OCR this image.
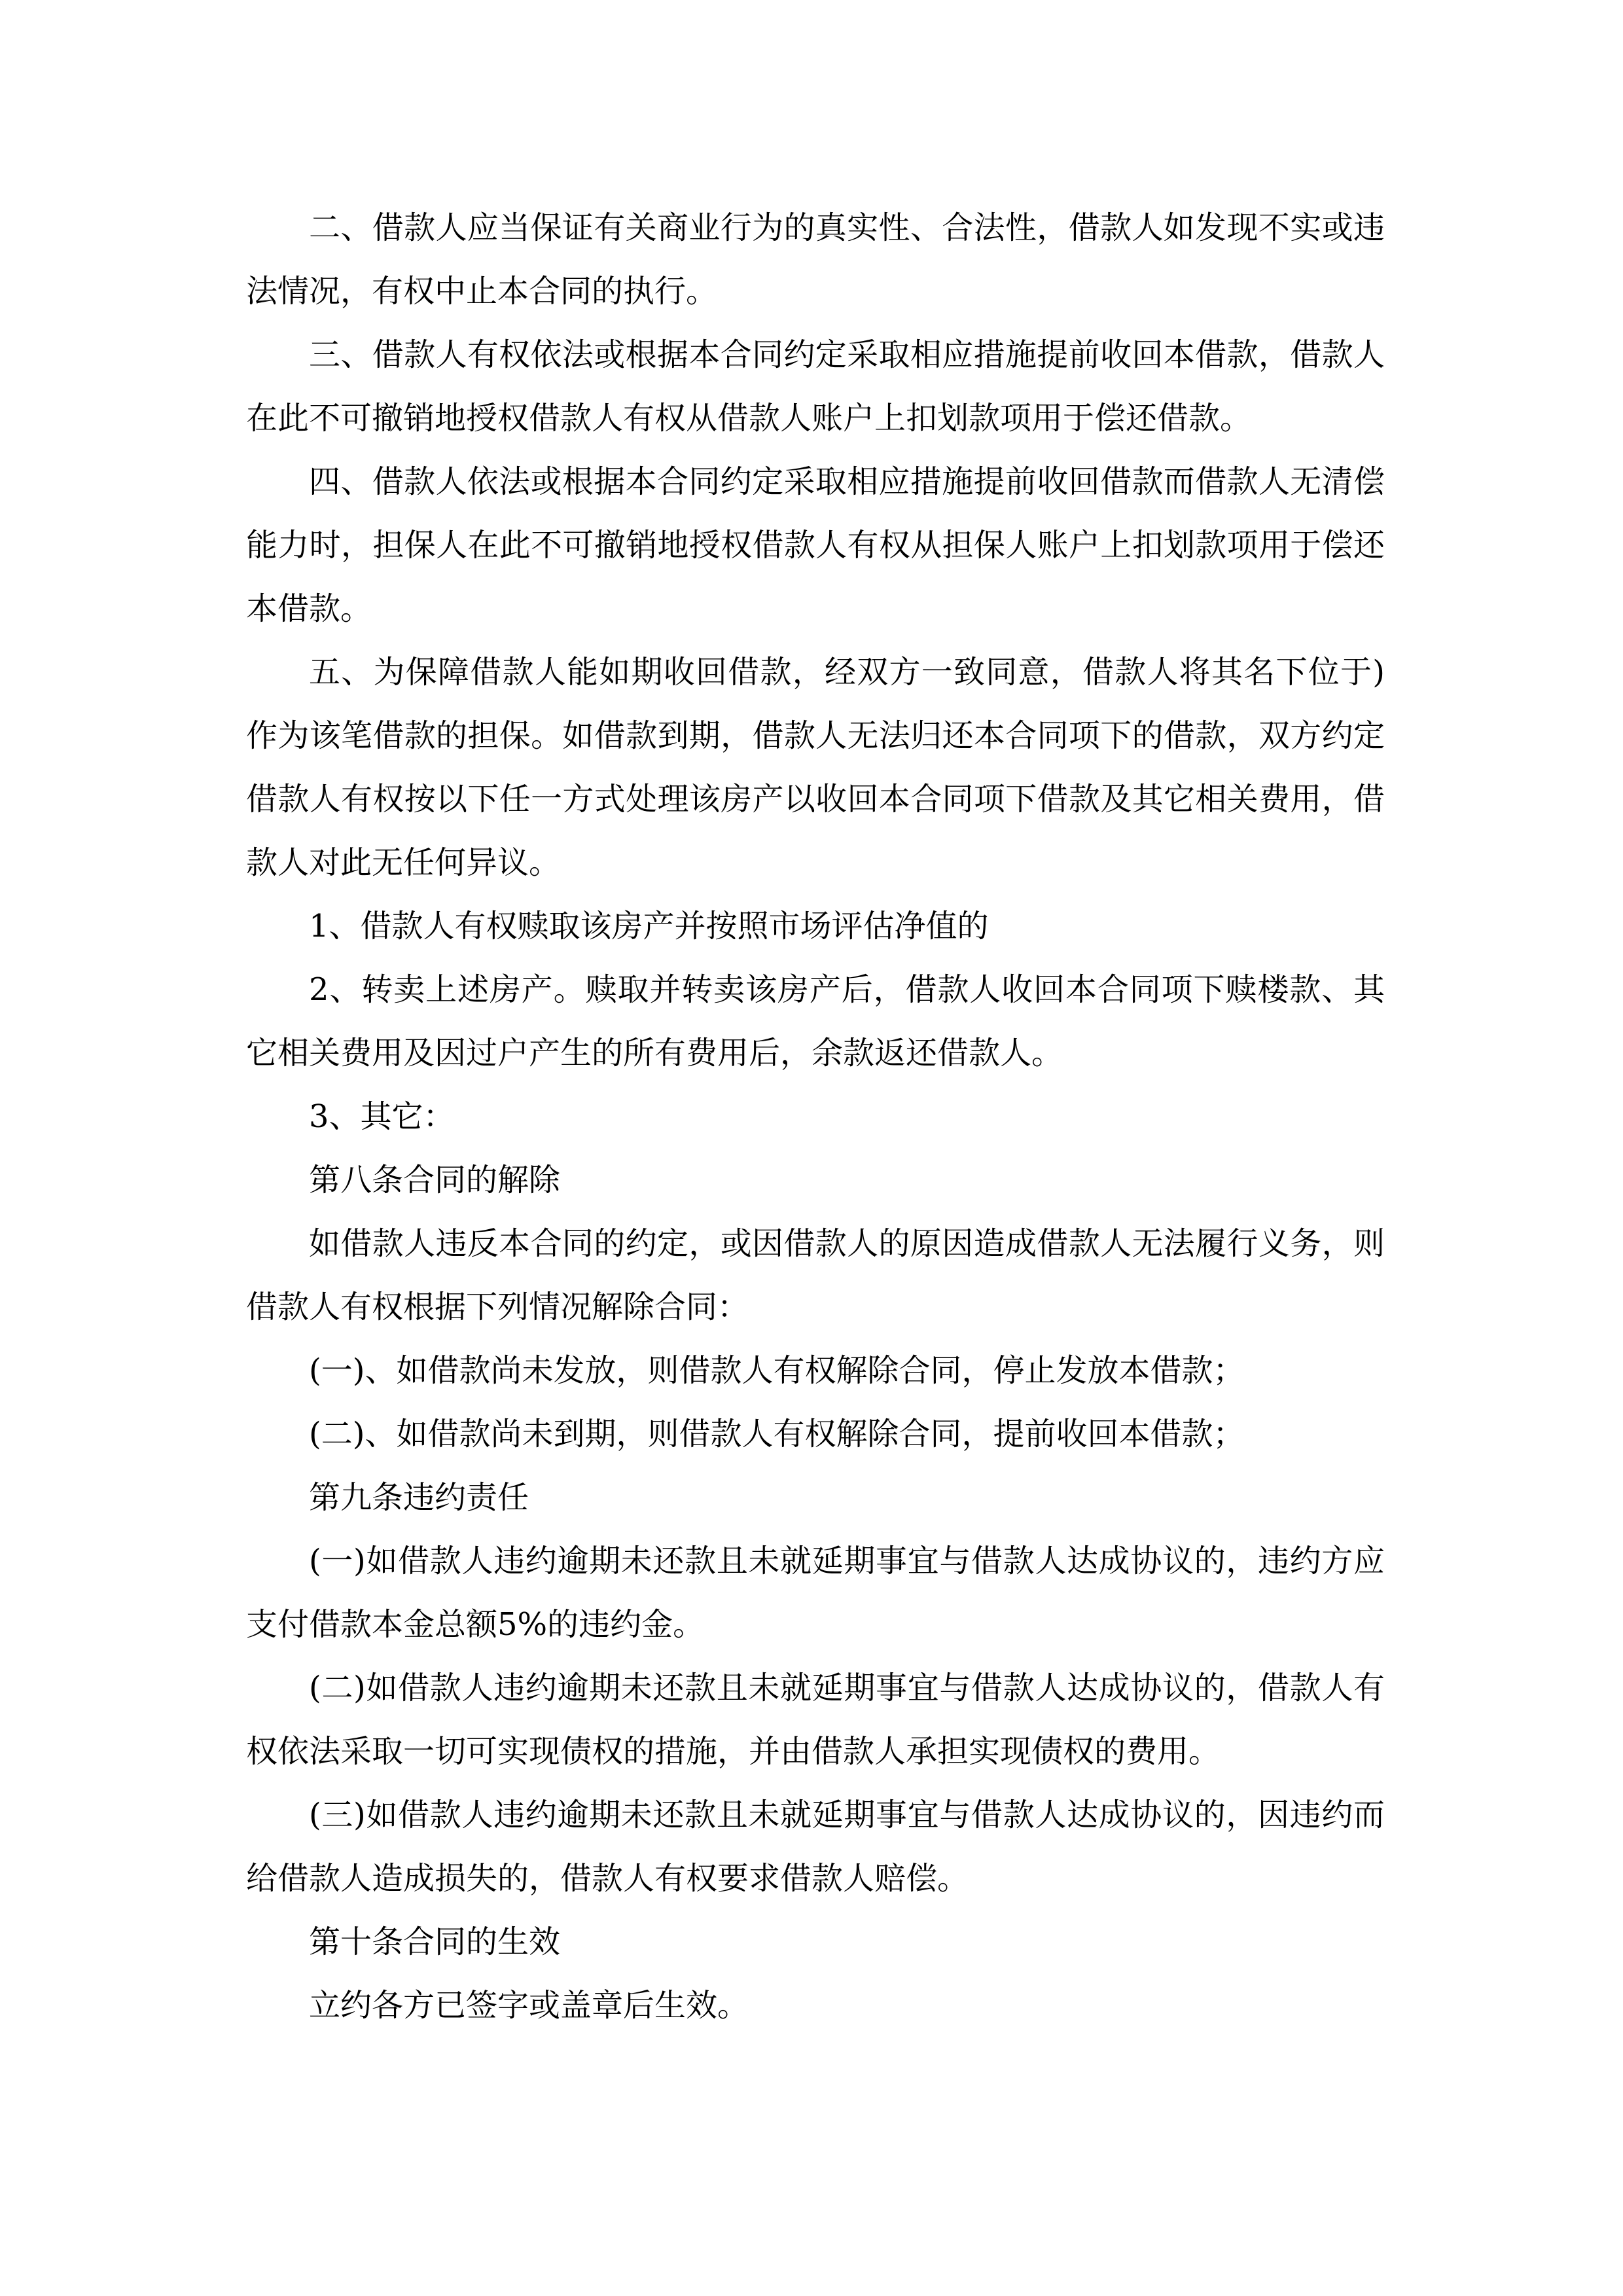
二、借款人应当保证有关商业行为的真实性、合法性，借款人如发现不实或违法情况，有权中止本合同的执行。

三、借款人有权依法或根据本合同约定采取相应措施提前收回本借款，借款人在此不可撤销地授权借款人有权从借款人账户上扣划款项用于偿还借款。

四、借款人依法或根据本合同约定采取相应措施提前收回借款而借款人无清偿能力时，担保人在此不可撤销地授权借款人有权从担保人账户上扣划款项用于偿还本借款。

五、为保障借款人能如期收回借款，经双方一致同意，借款人将其名下位于)作为该笔借款的担保。如借款到期，借款人无法归还本合同项下的借款，双方约定借款人有权按以下任一方式处理该房产以收回本合同项下借款及其它相关费用，借款人对此无任何异议。

1、借款人有权赎取该房产并按照市场评估净值的

2、转卖上述房产。赎取并转卖该房产后，借款人收回本合同项下赎楼款、其它相关费用及因过户产生的所有费用后，余款返还借款人。

3、其它：

第八条合同的解除

如借款人违反本合同的约定，或因借款人的原因造成借款人无法履行义务，则借款人有权根据下列情况解除合同：

(一)、如借款尚未发放，则借款人有权解除合同，停止发放本借款；

(二)、如借款尚未到期，则借款人有权解除合同，提前收回本借款；

第九条违约责任

(一)如借款人违约逾期未还款且未就延期事宜与借款人达成协议的，违约方应支付借款本金总额5%的违约金。

(二)如借款人违约逾期未还款且未就延期事宜与借款人达成协议的，借款人有权依法采取一切可实现债权的措施，并由借款人承担实现债权的费用。

(三)如借款人违约逾期未还款且未就延期事宜与借款人达成协议的，因违约而给借款人造成损失的，借款人有权要求借款人赔偿。

第十条合同的生效

立约各方已签字或盖章后生效。
